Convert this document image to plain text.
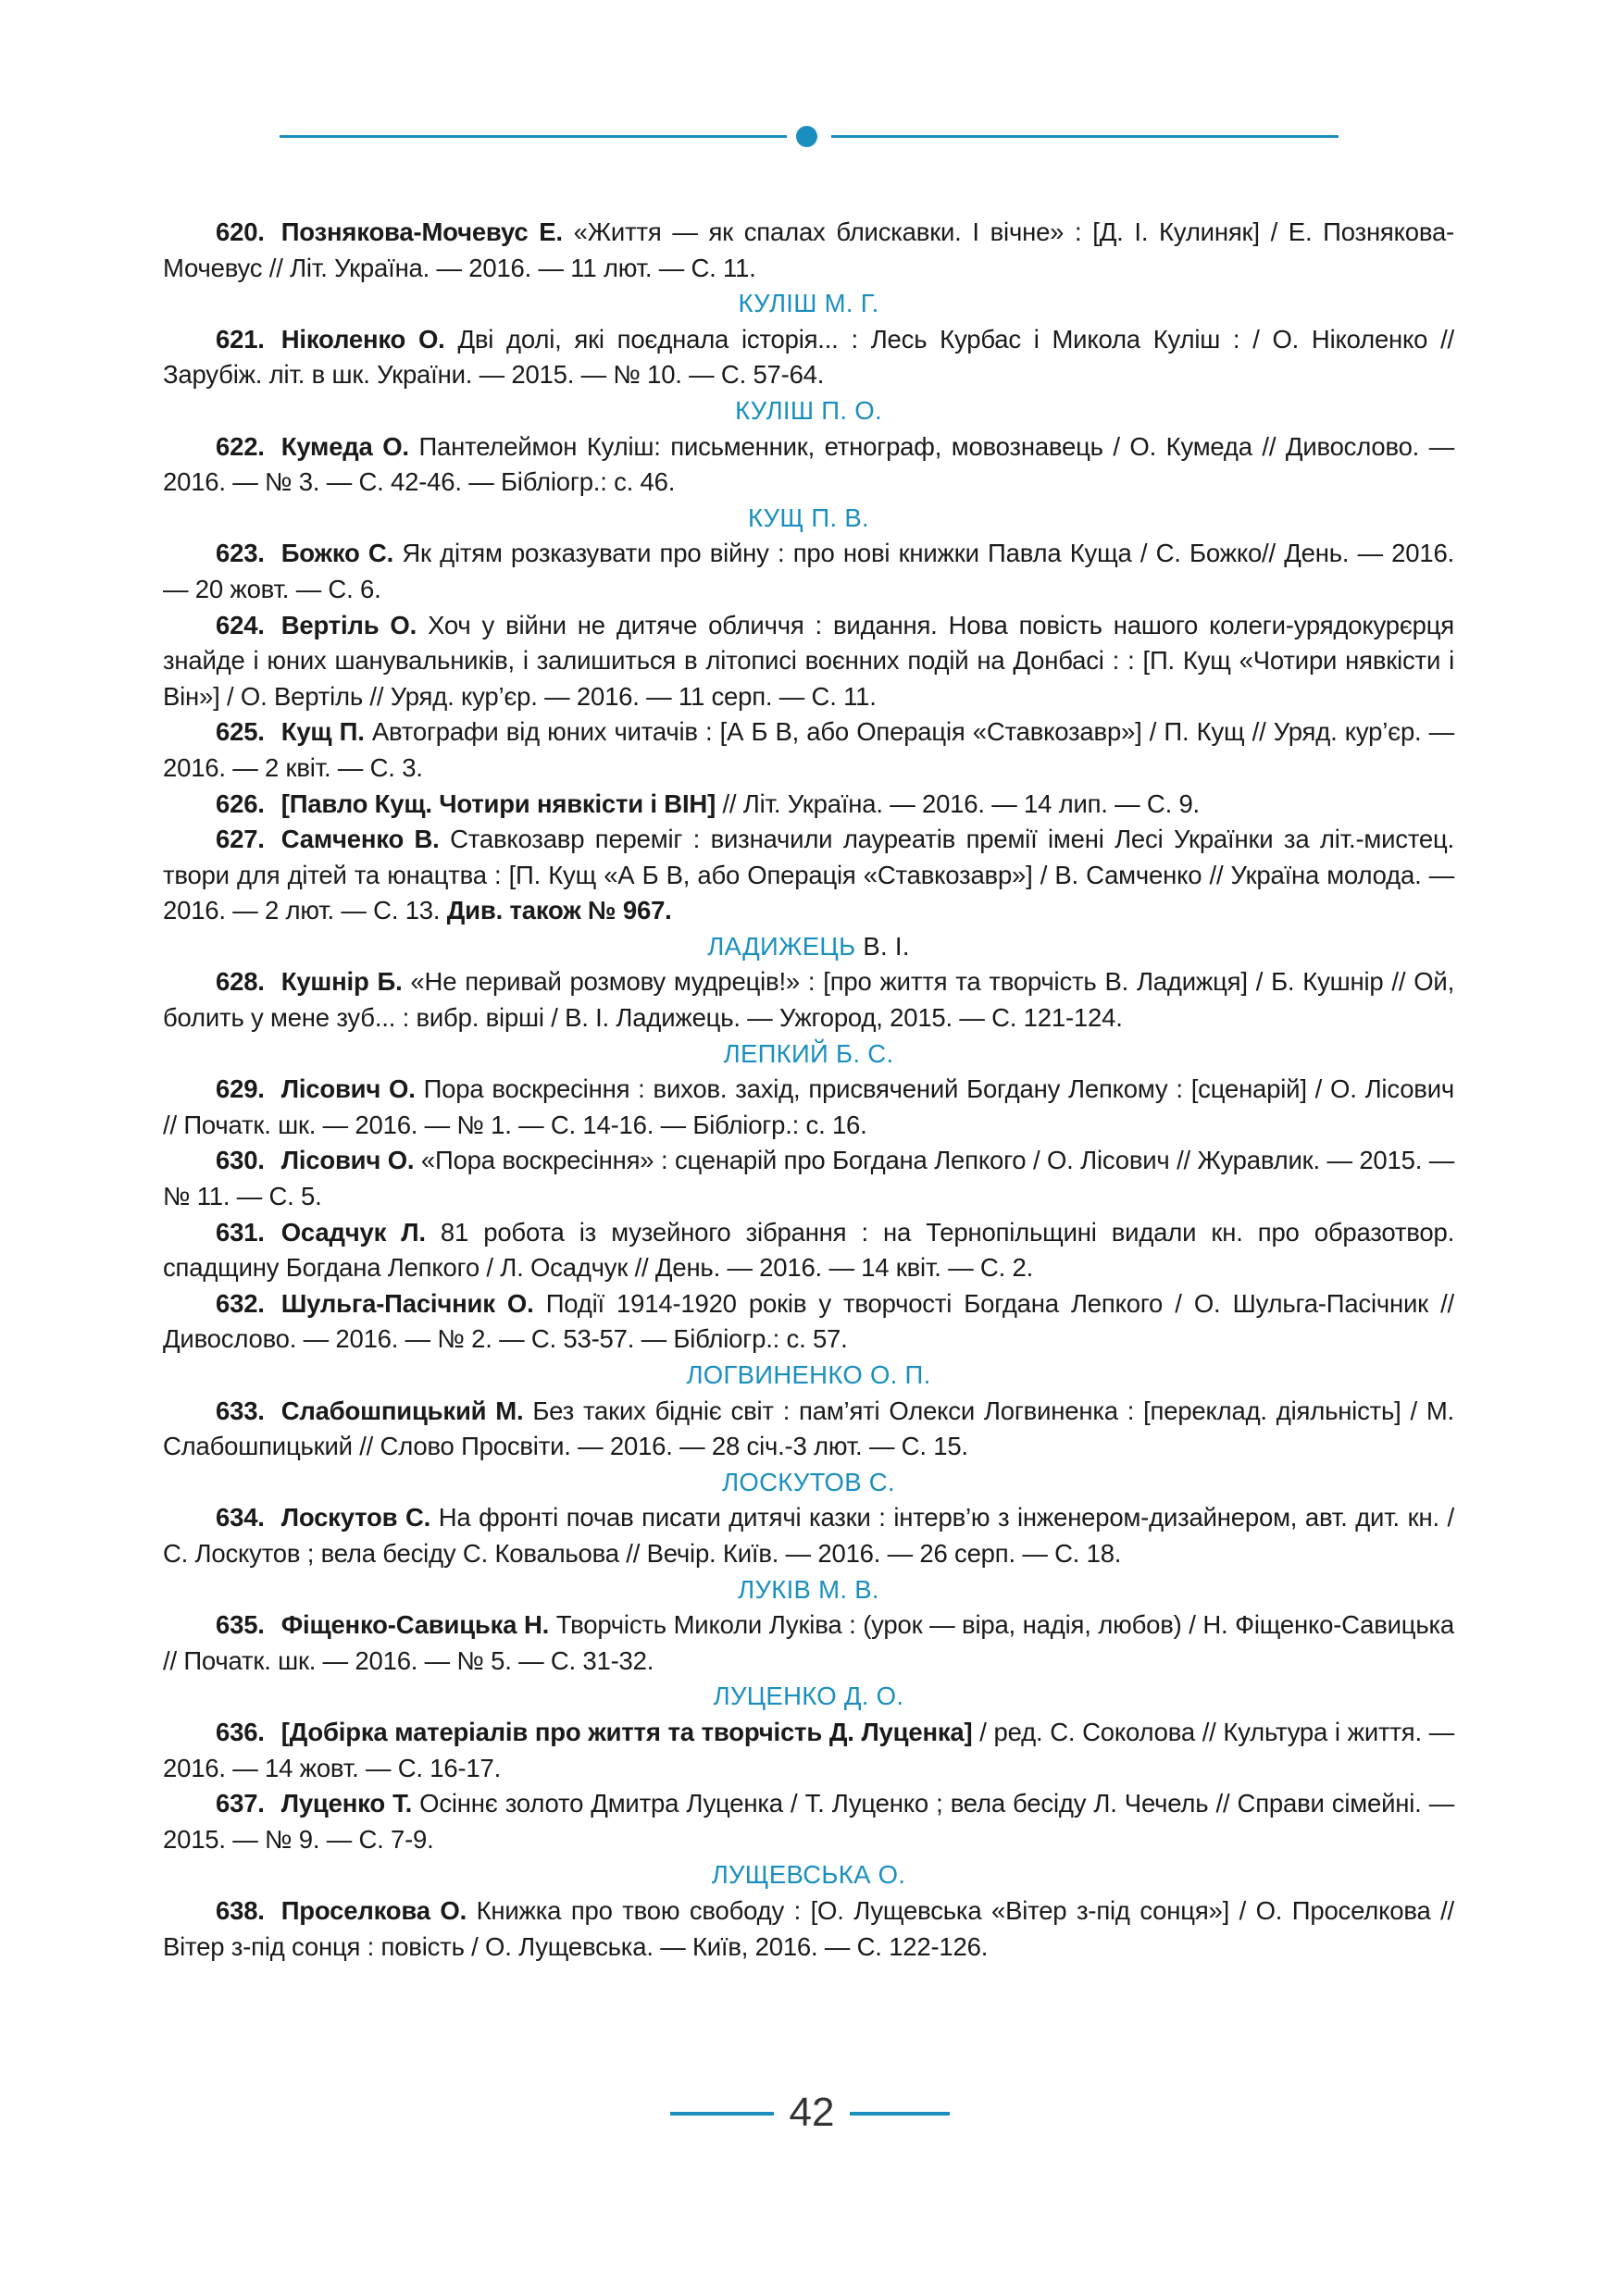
620. Познякова-Мочевус Е. «Життя — як спалах блискавки. І вічне» : [Д. І. Кулиняк] / Е. Познякова-Мочевус // Літ. Україна. — 2016. — 11 лют. — С. 11.
КУЛІШ М. Г.
621. Ніколенко О. Дві долі, які поєднала історія... : Лесь Курбас і Микола Куліш : / О. Ніколенко // Зарубіж. літ. в шк. України. — 2015. — № 10. — С. 57-64.
КУЛІШ П. О.
622. Кумеда О. Пантелеймон Куліш: письменник, етнограф, мовознавець / О. Кумеда // Дивослово. — 2016. — № 3. — С. 42-46. — Бібліогр.: с. 46.
КУЩ П. В.
623. Божко С. Як дітям розказувати про війну : про нові книжки Павла Куща / С. Божко// День. — 2016. — 20 жовт. — С. 6.
624. Вертіль О. Хоч у війни не дитяче обличчя : видання. Нова повість нашого колеги-урядокурєрця знайде і юних шанувальників, і залишиться в літописі воєнних подій на Донбасі : : [П. Кущ «Чотири нявкісти і Він»] / О. Вертіль // Уряд. кур’єр. — 2016. — 11 серп. — С. 11.
625. Кущ П. Автографи від юних читачів : [А Б В, або Операція «Ставкозавр»] / П. Кущ // Уряд. кур’єр. — 2016. — 2 квіт. — С. 3.
626. [Павло Кущ. Чотири нявкісти і ВІН] // Літ. Україна. — 2016. — 14 лип. — С. 9.
627. Самченко В. Ставкозавр переміг : визначили лауреатів премії імені Лесі Українки за літ.-мистец. твори для дітей та юнацтва : [П. Кущ «А Б В, або Операція «Ставкозавр»] / В. Самченко // Україна молода. — 2016. — 2 лют. — С. 13. Див. також № 967.
ЛАДИЖЕЦЬ В. І.
628. Кушнір Б. «Не перивай розмову мудреців!» : [про життя та творчість В. Ладижця] / Б. Кушнір // Ой, болить у мене зуб... : вибр. вірші / В. І. Ладижець. — Ужгород, 2015. — С. 121-124.
ЛЕПКИЙ Б. С.
629. Лісович О. Пора воскресіння : вихов. захід, присвячений Богдану Лепкому : [сценарій] / О. Лісович // Початк. шк. — 2016. — № 1. — С. 14-16. — Бібліогр.: с. 16.
630. Лісович О. «Пора воскресіння» : сценарій про Богдана Лепкого / О. Лісович // Журавлик. — 2015. — № 11. — С. 5.
631. Осадчук Л. 81 робота із музейного зібрання : на Тернопільщині видали кн. про образотвор. спадщину Богдана Лепкого / Л. Осадчук // День. — 2016. — 14 квіт. — С. 2.
632. Шульга-Пасічник О. Події 1914-1920 років у творчості Богдана Лепкого / О. Шульга-Пасічник // Дивослово. — 2016. — № 2. — С. 53-57. — Бібліогр.: с. 57.
ЛОГВИНЕНКО О. П.
633. Слабошпицький М. Без таких бідніє світ : пам’яті Олекси Логвиненка : [переклад. діяльність] / М. Слабошпицький // Слово Просвіти. — 2016. — 28 січ.-3 лют. — С. 15.
ЛОСКУТОВ С.
634. Лоскутов С. На фронті почав писати дитячі казки : інтерв’ю з інженером-дизайнером, авт. дит. кн. / С. Лоскутов ; вела бесіду С. Ковальова // Вечір. Київ. — 2016. — 26 серп. — С. 18.
ЛУКІВ М. В.
635. Фіщенко-Савицька Н. Творчість Миколи Луківа : (урок — віра, надія, любов) / Н. Фіщенко-Савицька // Початк. шк. — 2016. — № 5. — С. 31-32.
ЛУЦЕНКО Д. О.
636. [Добірка матеріалів про життя та творчість Д. Луценка] / ред. С. Соколова // Культура і життя. — 2016. — 14 жовт. — С. 16-17.
637. Луценко Т. Осіннє золото Дмитра Луценка / Т. Луценко ; вела бесіду Л. Чечель // Справи сімейні. — 2015. — № 9. — С. 7-9.
ЛУЩЕВСЬКА О.
638. Проселкова О. Книжка про твою свободу : [О. Лущевська «Вітер з-під сонця»] / О. Проселкова // Вітер з-під сонця : повість / О. Лущевська. — Київ, 2016. — С. 122-126.
42
